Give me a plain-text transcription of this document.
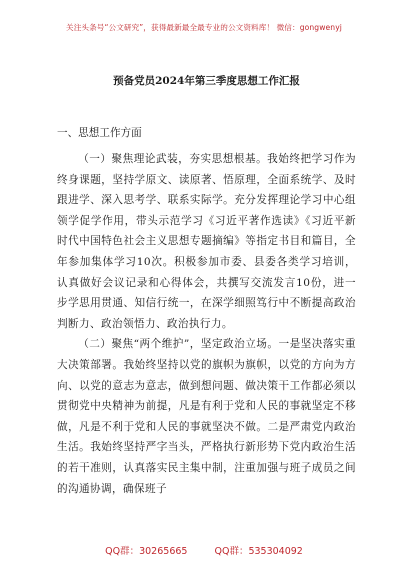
关注头条号“公文研究”，获得最新最全最专业的公文资料库！ 微信：gongwenyj
预备党员2024年第三季度思想工作汇报
一、思想工作方面

（一）聚焦理论武装，夯实思想根基。我始终把学习作为终身课题，坚持学原文、读原著、悟原理，全面系统学、及时跟进学、深入思考学、联系实际学。充分发挥理论学习中心组领学促学作用，带头示范学习《习近平著作选读》《习近平新时代中国特色社会主义思想专题摘编》等指定书目和篇目，全年参加集体学习10次。积极参加市委、县委各类学习培训，认真做好会议记录和心得体会，共撰写交流发言10份，进一步学思用贯通、知信行统一，在深学细照笃行中不断提高政治判断力、政治领悟力、政治执行力。

（二）聚焦“两个维护”，坚定政治立场。一是坚决落实重大决策部署。我始终坚持以党的旗帜为旗帜，以党的方向为方向、以党的意志为意志，做到想问题、做决策干工作都必须以贯彻党中央精神为前提，凡是有利于党和人民的事就坚定不移做，凡是不利于党和人民的事就坚决不做。二是严肃党内政治生活。我始终坚持严字当头，严格执行新形势下党内政治生活的若干准则，认真落实民主集中制，注重加强与班子成员之间的沟通协调，确保班子

QQ群：30265665	QQ群：535304092
